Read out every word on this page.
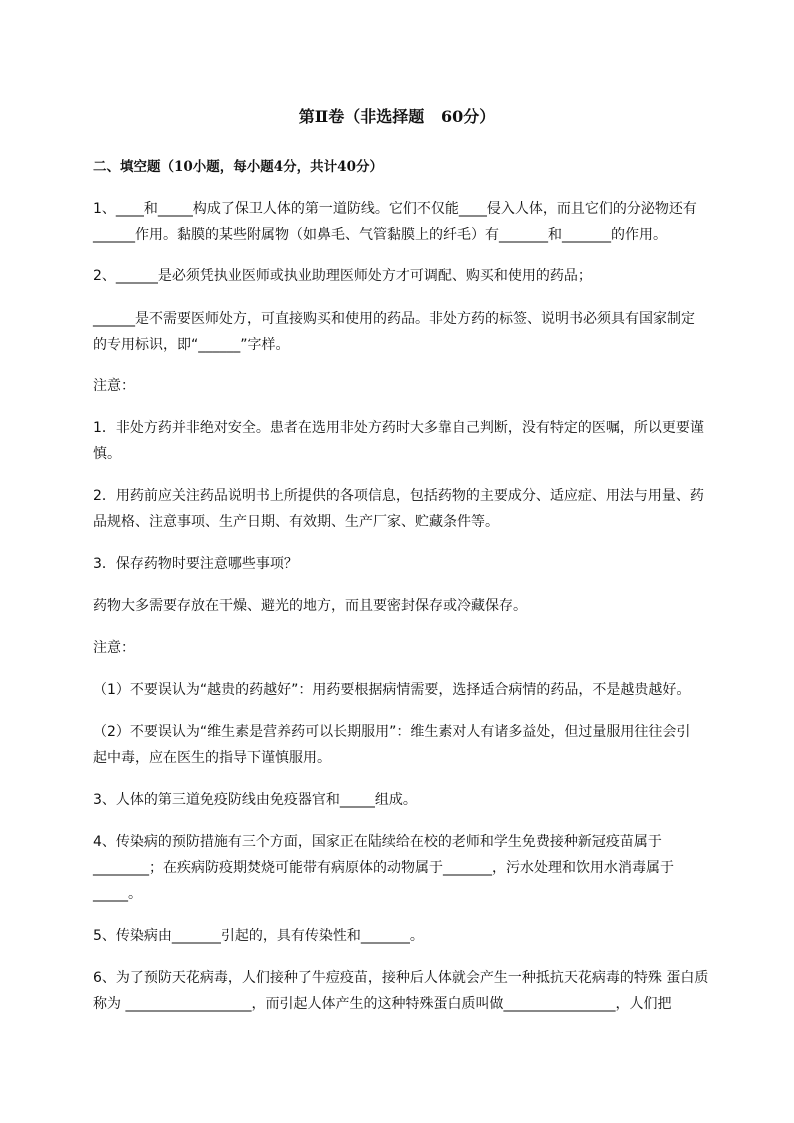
第Ⅱ卷（非选择题   60分）
二、填空题（10小题，每小题4分，共计40分）
1、____和_____构成了保卫人体的第一道防线。它们不仅能____侵入人体，而且它们的分泌物还有
______作用。黏膜的某些附属物（如鼻毛、气管黏膜上的纤毛）有_______和_______的作用。
2、______是必须凭执业医师或执业助理医师处方才可调配、购买和使用的药品；
______是不需要医师处方，可直接购买和使用的药品。非处方药的标签、说明书必须具有国家制定
的专用标识，即“______”字样。
注意：
1．非处方药并非绝对安全。患者在选用非处方药时大多靠自己判断，没有特定的医嘱，所以更要谨
慎。
2．用药前应关注药品说明书上所提供的各项信息，包括药物的主要成分、适应症、用法与用量、药
品规格、注意事项、生产日期、有效期、生产厂家、贮藏条件等。
3．保存药物时要注意哪些事项？
药物大多需要存放在干燥、避光的地方，而且要密封保存或冷藏保存。
注意：
（1）不要误认为“越贵的药越好”：用药要根据病情需要，选择适合病情的药品，不是越贵越好。
（2）不要误认为“维生素是营养药可以长期服用”：维生素对人有诸多益处，但过量服用往往会引
起中毒，应在医生的指导下谨慎服用。
3、人体的第三道免疫防线由免疫器官和_____组成。
4、传染病的预防措施有三个方面，国家正在陆续给在校的老师和学生免费接种新冠疫苗属于
________；在疾病防疫期焚烧可能带有病原体的动物属于_______，污水处理和饮用水消毒属于
_____。
5、传染病由_______引起的，具有传染性和_______。
6、为了预防天花病毒，人们接种了牛痘疫苗，接种后人体就会产生一种抵抗天花病毒的特殊 蛋白质
称为 __________________，而引起人体产生的这种特殊蛋白质叫做________________，人们把
